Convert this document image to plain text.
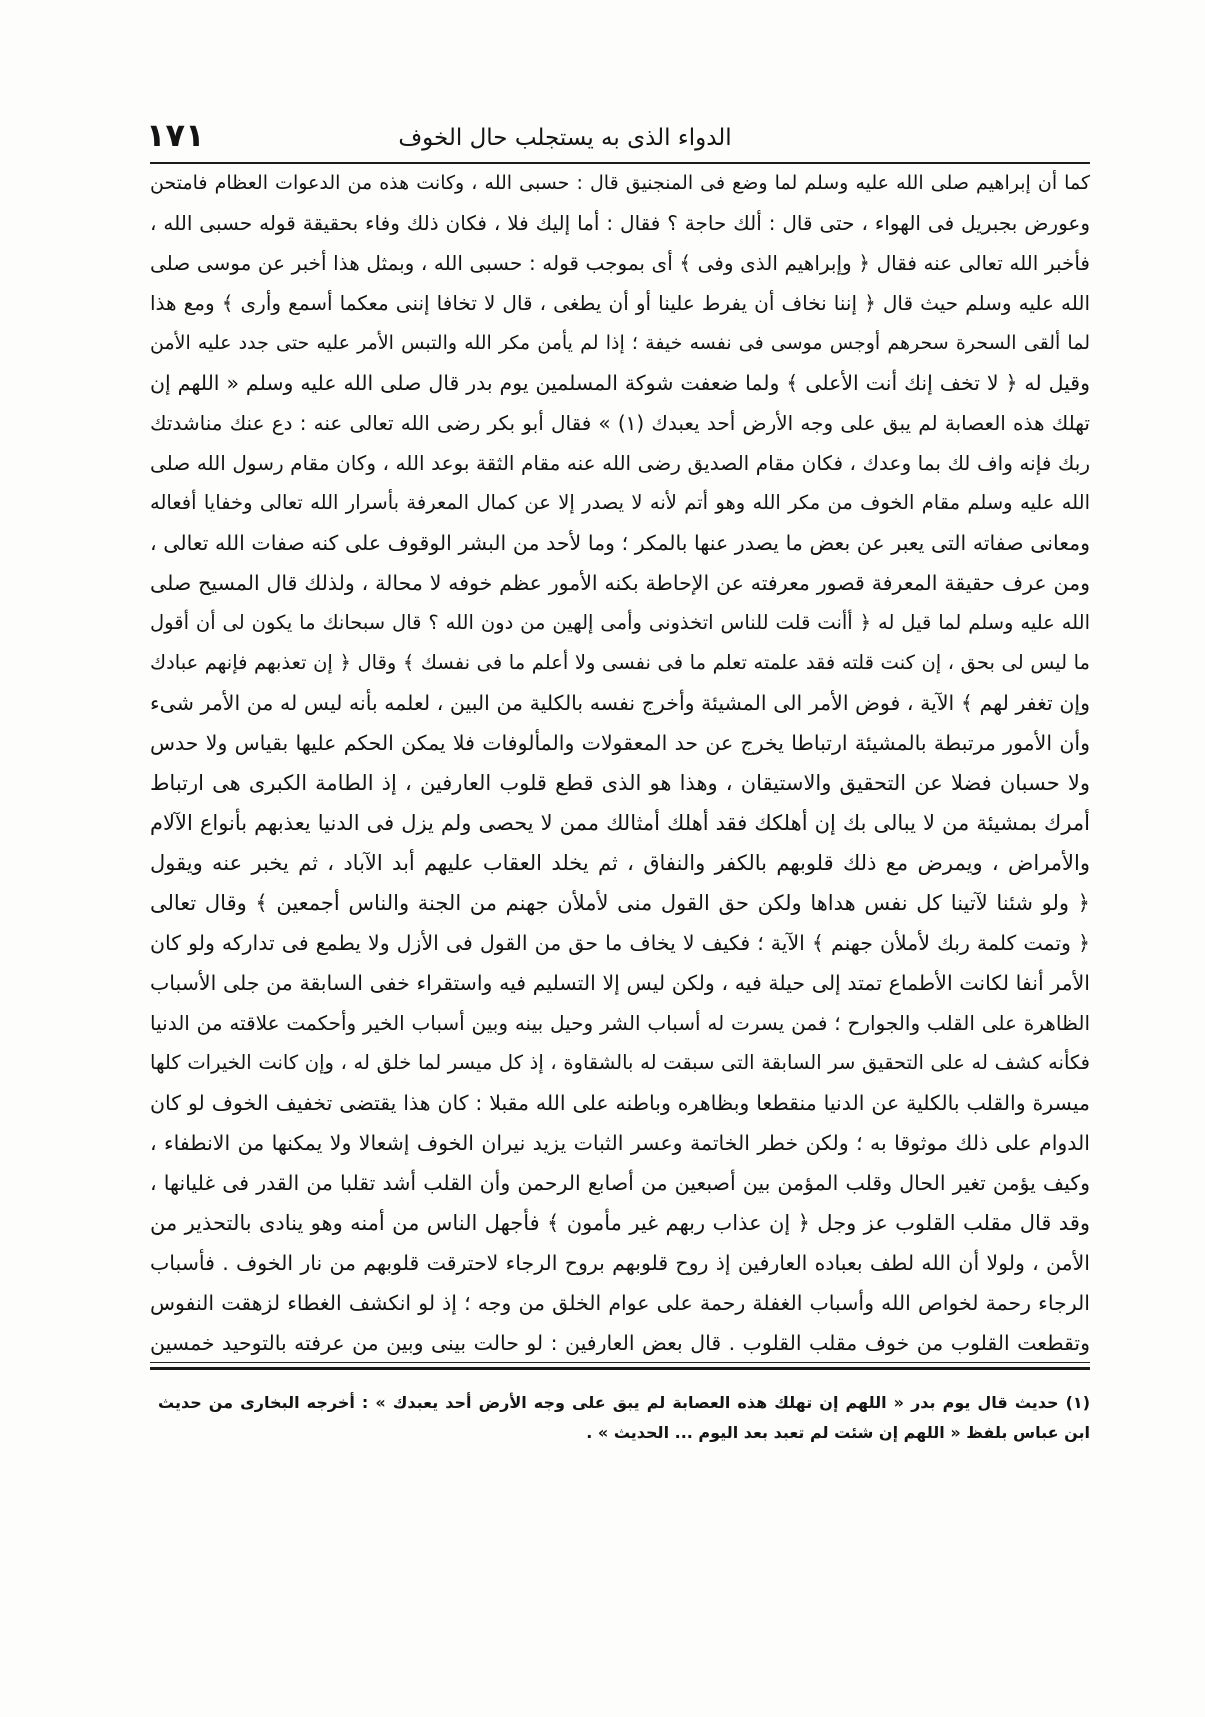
١٧١	الدواء الذى به يستجلب حال الخوف
كما أن إبراهيم صلى الله عليه وسلم لما وضع فى المنجنيق قال : حسبى الله ، وكانت هذه من الدعوات العظام فامتحن
وعورض بجبريل فى الهواء ، حتى قال : ألك حاجة ؟ فقال : أما إليك فلا ، فكان ذلك وفاء بحقيقة قوله حسبى الله ،
فأخبر الله تعالى عنه فقال ﴿ وإبراهيم الذى وفى ﴾ أى بموجب قوله : حسبى الله ، وبمثل هذا أخبر عن موسى صلى
الله عليه وسلم حيث قال ﴿ إننا نخاف أن يفرط علينا أو أن يطغى ، قال لا تخافا إننى معكما أسمع وأرى ﴾ ومع هذا
لما ألقى السحرة سحرهم أوجس موسى فى نفسه خيفة ؛ إذا لم يأمن مكر الله والتبس الأمر عليه حتى جدد عليه الأمن
وقيل له ﴿ لا تخف إنك أنت الأعلى ﴾ ولما ضعفت شوكة المسلمين يوم بدر قال صلى الله عليه وسلم « اللهم إن
تهلك هذه العصابة لم يبق على وجه الأرض أحد يعبدك (١) » فقال أبو بكر رضى الله تعالى عنه : دع عنك مناشدتك
ربك فإنه واف لك بما وعدك ، فكان مقام الصديق رضى الله عنه مقام الثقة بوعد الله ، وكان مقام رسول الله صلى
الله عليه وسلم مقام الخوف من مكر الله وهو أتم لأنه لا يصدر إلا عن كمال المعرفة بأسرار الله تعالى وخفايا أفعاله
ومعانى صفاته التى يعبر عن بعض ما يصدر عنها بالمكر ؛ وما لأحد من البشر الوقوف على كنه صفات الله تعالى ،
ومن عرف حقيقة المعرفة قصور معرفته عن الإحاطة بكنه الأمور عظم خوفه لا محالة ، ولذلك قال المسيح صلى
الله عليه وسلم لما قيل له ﴿ أأنت قلت للناس اتخذونى وأمى إلهين من دون الله ؟ قال سبحانك ما يكون لى أن أقول
ما ليس لى بحق ، إن كنت قلته فقد علمته تعلم ما فى نفسى ولا أعلم ما فى نفسك ﴾ وقال ﴿ إن تعذبهم فإنهم عبادك
وإن تغفر لهم ﴾ الآية ، فوض الأمر الى المشيئة وأخرج نفسه بالكلية من البين ، لعلمه بأنه ليس له من الأمر شىء
وأن الأمور مرتبطة بالمشيئة ارتباطا يخرج عن حد المعقولات والمألوفات فلا يمكن الحكم عليها بقياس ولا حدس
ولا حسبان فضلا عن التحقيق والاستيقان ، وهذا هو الذى قطع قلوب العارفين ، إذ الطامة الكبرى هى ارتباط
أمرك بمشيئة من لا يبالى بك إن أهلكك فقد أهلك أمثالك ممن لا يحصى ولم يزل فى الدنيا يعذبهم بأنواع الآلام
والأمراض ، ويمرض مع ذلك قلوبهم بالكفر والنفاق ، ثم يخلد العقاب عليهم أبد الآباد ، ثم يخبر عنه ويقول
﴿ ولو شئنا لآتينا كل نفس هداها ولكن حق القول منى لأملأن جهنم من الجنة والناس أجمعين ﴾ وقال تعالى
﴿ وتمت كلمة ربك لأملأن جهنم ﴾ الآية ؛ فكيف لا يخاف ما حق من القول فى الأزل ولا يطمع فى تداركه ولو كان
الأمر أنفا لكانت الأطماع تمتد إلى حيلة فيه ، ولكن ليس إلا التسليم فيه واستقراء خفى السابقة من جلى الأسباب
الظاهرة على القلب والجوارح ؛ فمن يسرت له أسباب الشر وحيل بينه وبين أسباب الخير وأحكمت علاقته من الدنيا
فكأنه كشف له على التحقيق سر السابقة التى سبقت له بالشقاوة ، إذ كل ميسر لما خلق له ، وإن كانت الخيرات كلها
ميسرة والقلب بالكلية عن الدنيا منقطعا وبظاهره وباطنه على الله مقبلا : كان هذا يقتضى تخفيف الخوف لو كان
الدوام على ذلك موثوقا به ؛ ولكن خطر الخاتمة وعسر الثبات يزيد نيران الخوف إشعالا ولا يمكنها من الانطفاء ،
وكيف يؤمن تغير الحال وقلب المؤمن بين أصبعين من أصابع الرحمن وأن القلب أشد تقلبا من القدر فى غليانها ،
وقد قال مقلب القلوب عز وجل ﴿ إن عذاب ربهم غير مأمون ﴾ فأجهل الناس من أمنه وهو ينادى بالتحذير من
الأمن ، ولولا أن الله لطف بعباده العارفين إذ روح قلوبهم بروح الرجاء لاحترقت قلوبهم من نار الخوف . فأسباب
الرجاء رحمة لخواص الله وأسباب الغفلة رحمة على عوام الخلق من وجه ؛ إذ لو انكشف الغطاء لزهقت النفوس
وتقطعت القلوب من خوف مقلب القلوب . قال بعض العارفين : لو حالت بينى وبين من عرفته بالتوحيد خمسين
(١) حديث قال يوم بدر « اللهم إن تهلك هذه العصابة لم يبق على وجه الأرض أحد يعبدك » : أخرجه البخارى من حديث
ابن عباس بلفظ « اللهم إن شئت لم تعبد بعد اليوم ... الحديث » .
